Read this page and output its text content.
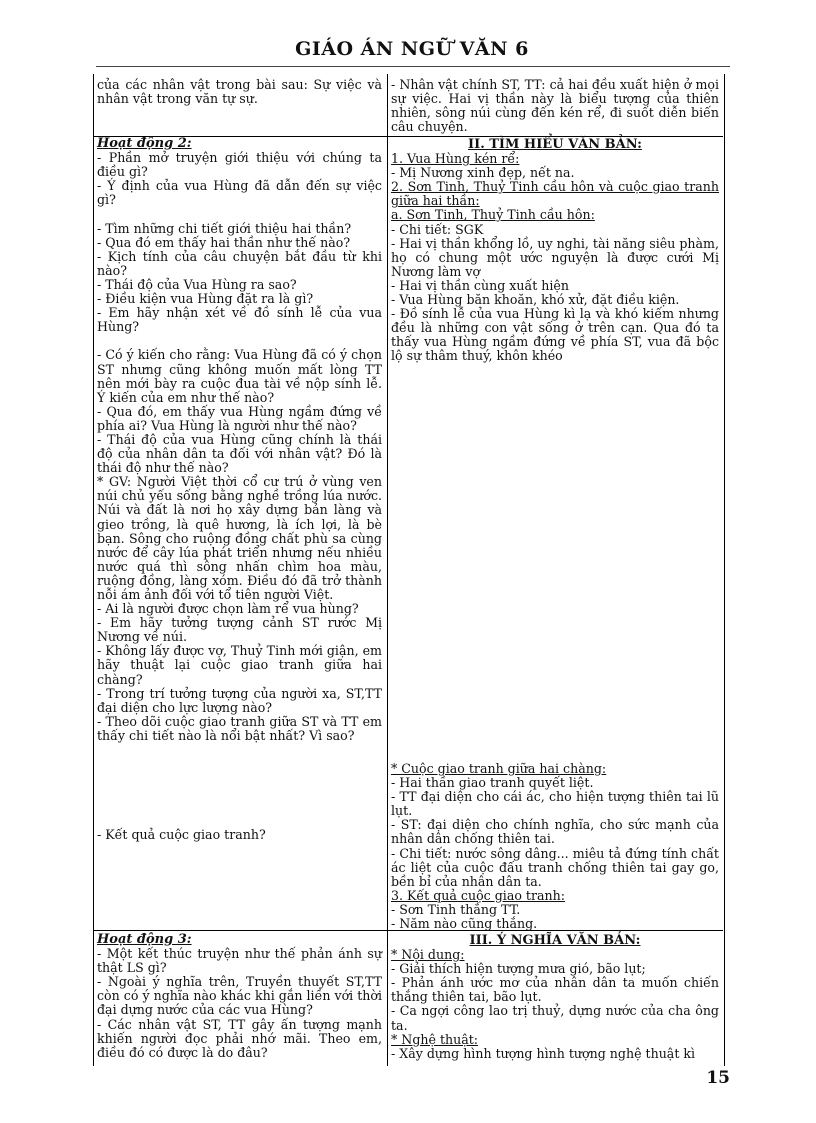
GIÁO ÁN NGỮ VĂN 6

của các nhân vật trong bài sau: Sự việc và nhân vật trong văn tự sự.

- Nhân vật chính ST, TT: cả hai đều xuất hiện ở mọi sự việc. Hai vị thần này là biểu tượng của thiên nhiên, sông núi cùng đến kén rể, đi suốt diễn biến câu chuyện.

Hoạt động 2:

- Phần mở truyện giới thiệu với chúng ta điều gì?

- Ý định của vua Hùng đã dẫn đến sự việc gì?

- Tìm những chi tiết giới thiệu hai thần?

- Qua đó em thấy hai thần như thế nào?

- Kịch tính của câu chuyện bắt đầu từ khi nào?

- Thái độ của Vua Hùng ra sao?

- Điều kiện vua Hùng đặt ra là gì?

- Em hãy nhận xét về đồ sính lễ của vua Hùng?

- Có ý kiến cho rằng: Vua Hùng đã có ý chọn ST nhưng cũng không muốn mất lòng TT nên mới bày ra cuộc đua tài về nộp sính lễ. Ý kiến của em như thế nào?

- Qua đó, em thấy vua Hùng ngầm đứng về phía ai? Vua Hùng là người như thế nào?

- Thái độ của vua Hùng cũng chính là thái độ của nhân dân ta đối với nhân vật? Đó là thái độ như thế nào?

* GV: Người Việt thời cổ cư trú ở vùng ven núi chủ yếu sống bằng nghề trồng lúa nước. Núi và đất là nơi họ xây dựng bản làng và gieo trồng, là quê hương, là ích lợi, là bè bạn. Sông cho ruộng đồng chất phù sa cùng nước để cây lúa phát triển nhưng nếu nhiều nước quá thì sông nhấn chìm hoa màu, ruộng đồng, làng xóm. Điều đó đã trở thành nỗi ám ảnh đối với tổ tiên người Việt.

- Ai là người được chọn làm rể vua hùng?

- Em hãy tưởng tượng cảnh ST rước Mị Nương về núi.

- Không lấy được vợ, Thuỷ Tinh mới giận, em hãy thuật lại cuộc giao tranh giữa hai chàng?

- Trong trí tưởng tượng của người xa, ST,TT đại diện cho lực lượng nào?

- Theo dõi cuộc giao tranh giữa ST và TT em thấy chi tiết nào là nổi bật nhất? Vì sao?

- Kết quả cuộc giao tranh?

II. TÌM HIỂU VĂN BẢN:

1. Vua Hùng kén rể:

- Mị Nương xinh đẹp, nết na.

2. Sơn Tinh, Thuỷ Tinh cầu hôn và cuộc giao tranh giữa hai thần:

a. Sơn Tinh, Thuỷ Tinh cầu hôn:

- Chi tiết: SGK

- Hai vị thần khổng lồ, uy nghi, tài năng siêu phàm, họ có chung một ước nguyện là được cưới Mị Nương làm vợ

- Hai vị thần cùng xuất hiện

- Vua Hùng băn khoăn, khó xử, đặt điều kiện.

- Đồ sính lễ của vua Hùng kì lạ và khó kiếm nhưng đều là những con vật sống ở trên cạn. Qua đó ta thấy vua Hùng ngầm đứng về phía ST, vua đã bộc lộ sự thâm thuý, khôn khéo

* Cuộc giao tranh giữa hai chàng:

- Hai thần giao tranh quyết liệt.

- TT đại diện cho cái ác, cho hiện tượng thiên tai lũ lụt.

- ST: đại diện cho chính nghĩa, cho sức mạnh của nhân dân chống thiên tai.

- Chi tiết: nước sông dâng... miêu tả đứng tính chất ác liệt của cuộc đấu tranh chống thiên tai gay go, bền bỉ của nhân dân ta.

3. Kết quả cuộc giao tranh:

- Sơn Tinh thắng TT.

- Năm nào cũng thắng.

Hoạt động 3:

- Một kết thúc truyện như thế phản ánh sự thật LS gì?

- Ngoài ý nghĩa trên, Truyền thuyết ST,TT còn có ý nghĩa nào khác khi gắn liền với thời đại dựng nước của các vua Hùng?

- Các nhân vật ST, TT gây ấn tượng mạnh khiến người đọc phải nhớ mãi. Theo em, điều đó có được là do đâu?

III. Ý NGHĨA VĂN BẢN:

* Nội dung:

- Giải thích hiện tượng mưa gió, bão lụt;

- Phản ánh ước mơ của nhân dân ta muốn chiến thắng thiên tai, bão lụt.

- Ca ngợi công lao trị thuỷ, dựng nước của cha ông ta.

* Nghệ thuật:

- Xây dựng hình tượng hình tượng nghệ thuật kì

15
